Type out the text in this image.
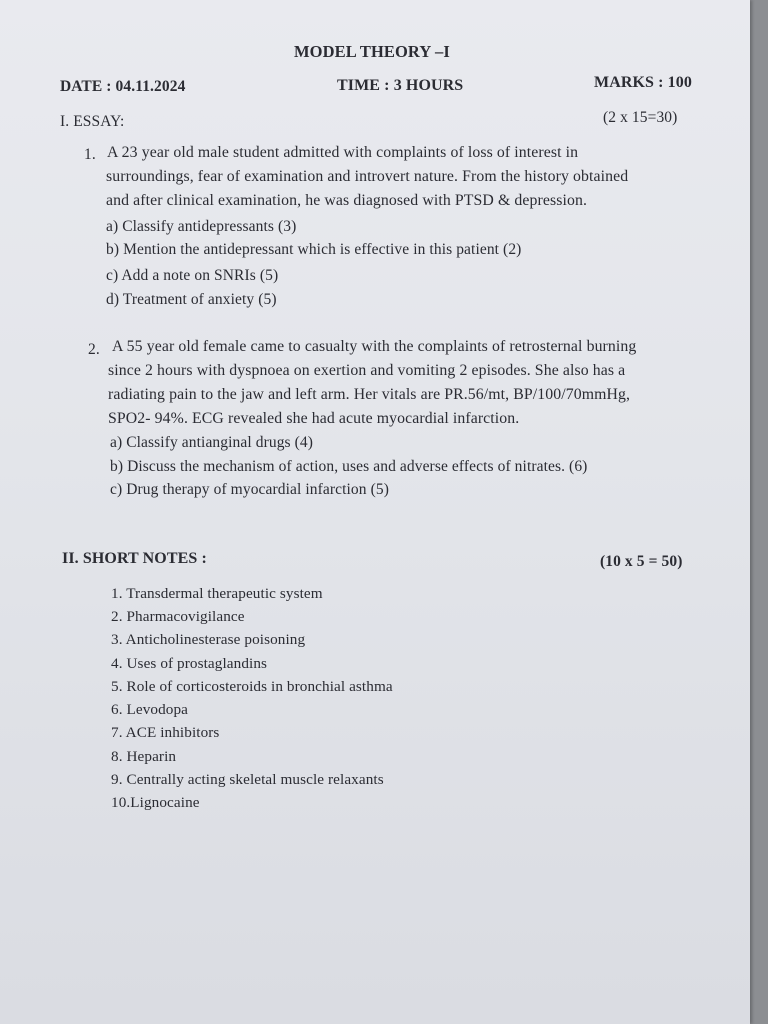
MODEL THEORY –I

DATE : 04.11.2024	TIME : 3 HOURS	MARKS : 100

I. ESSAY:	(2 x 15=30)

1. A 23 year old male student admitted with complaints of loss of interest in

surroundings, fear of examination and introvert nature. From the history obtained

and after clinical examination, he was diagnosed with PTSD & depression.

a) Classify antidepressants (3)

b) Mention the antidepressant which is effective in this patient (2)

c) Add a note on SNRIs (5)

d) Treatment of anxiety (5)

2. A 55 year old female came to casualty with the complaints of retrosternal burning

since 2 hours with dyspnoea on exertion and vomiting 2 episodes. She also has a

radiating pain to the jaw and left arm. Her vitals are PR.56/mt, BP/100/70mmHg,

SPO2- 94%. ECG revealed she had acute myocardial infarction.

a) Classify antianginal drugs (4)

b) Discuss the mechanism of action, uses and adverse effects of nitrates. (6)

c) Drug therapy of myocardial infarction (5)

II. SHORT NOTES :	(10 x 5 = 50)

1. Transdermal therapeutic system

2. Pharmacovigilance

3. Anticholinesterase poisoning

4. Uses of prostaglandins

5. Role of corticosteroids in bronchial asthma

6. Levodopa

7. ACE inhibitors

8. Heparin

9. Centrally acting skeletal muscle relaxants

10.Lignocaine
